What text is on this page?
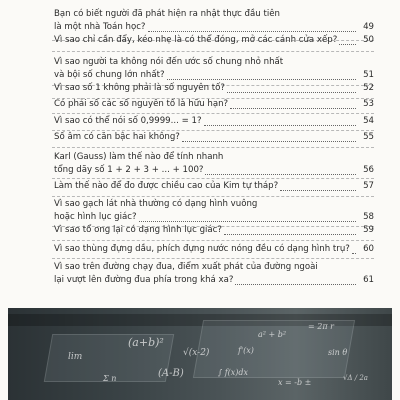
Bạn có biết người đã phát hiện ra nhật thực đầu tiên
là một nhà Toán học?	49
Vì sao chỉ cần đẩy, kéo nhẹ là có thể đóng, mở các cánh cửa xếp?	50
Vì sao người ta không nói đến ước số chung nhỏ nhất
và bội số chung lớn nhất?	51
Vì sao số 1 không phải là số nguyên tố?	52
Có phải số các số nguyên tố là hữu hạn?	53
Vì sao có thể nói số 0,9999... = 1?	54
Số âm có căn bậc hai không?	55
Karl (Gauss) làm thế nào để tính nhanh
tổng dãy số 1 + 2 + 3 + ... + 100?	56
Làm thế nào để đo được chiều cao của Kim tự tháp?	57
Vì sao gạch lát nhà thường có dạng hình vuông
hoặc hình lục giác?	58
Vì sao tổ ong lại có dạng hình lục giác?	59
Vì sao thùng đựng dầu, phích đựng nước nóng đều có dạng hình trụ?	60
Vì sao trên đường chạy đua, điểm xuất phát của đường ngoài
lại vượt lên đường đua phía trong khá xa?	61
(a+b)²
√(x-2)
lim
∫ f(x)dx
a² + b²
= 2π r
sin θ
(A-B)
Σ n	x = -b ±	√Δ / 2a
f'(x)
